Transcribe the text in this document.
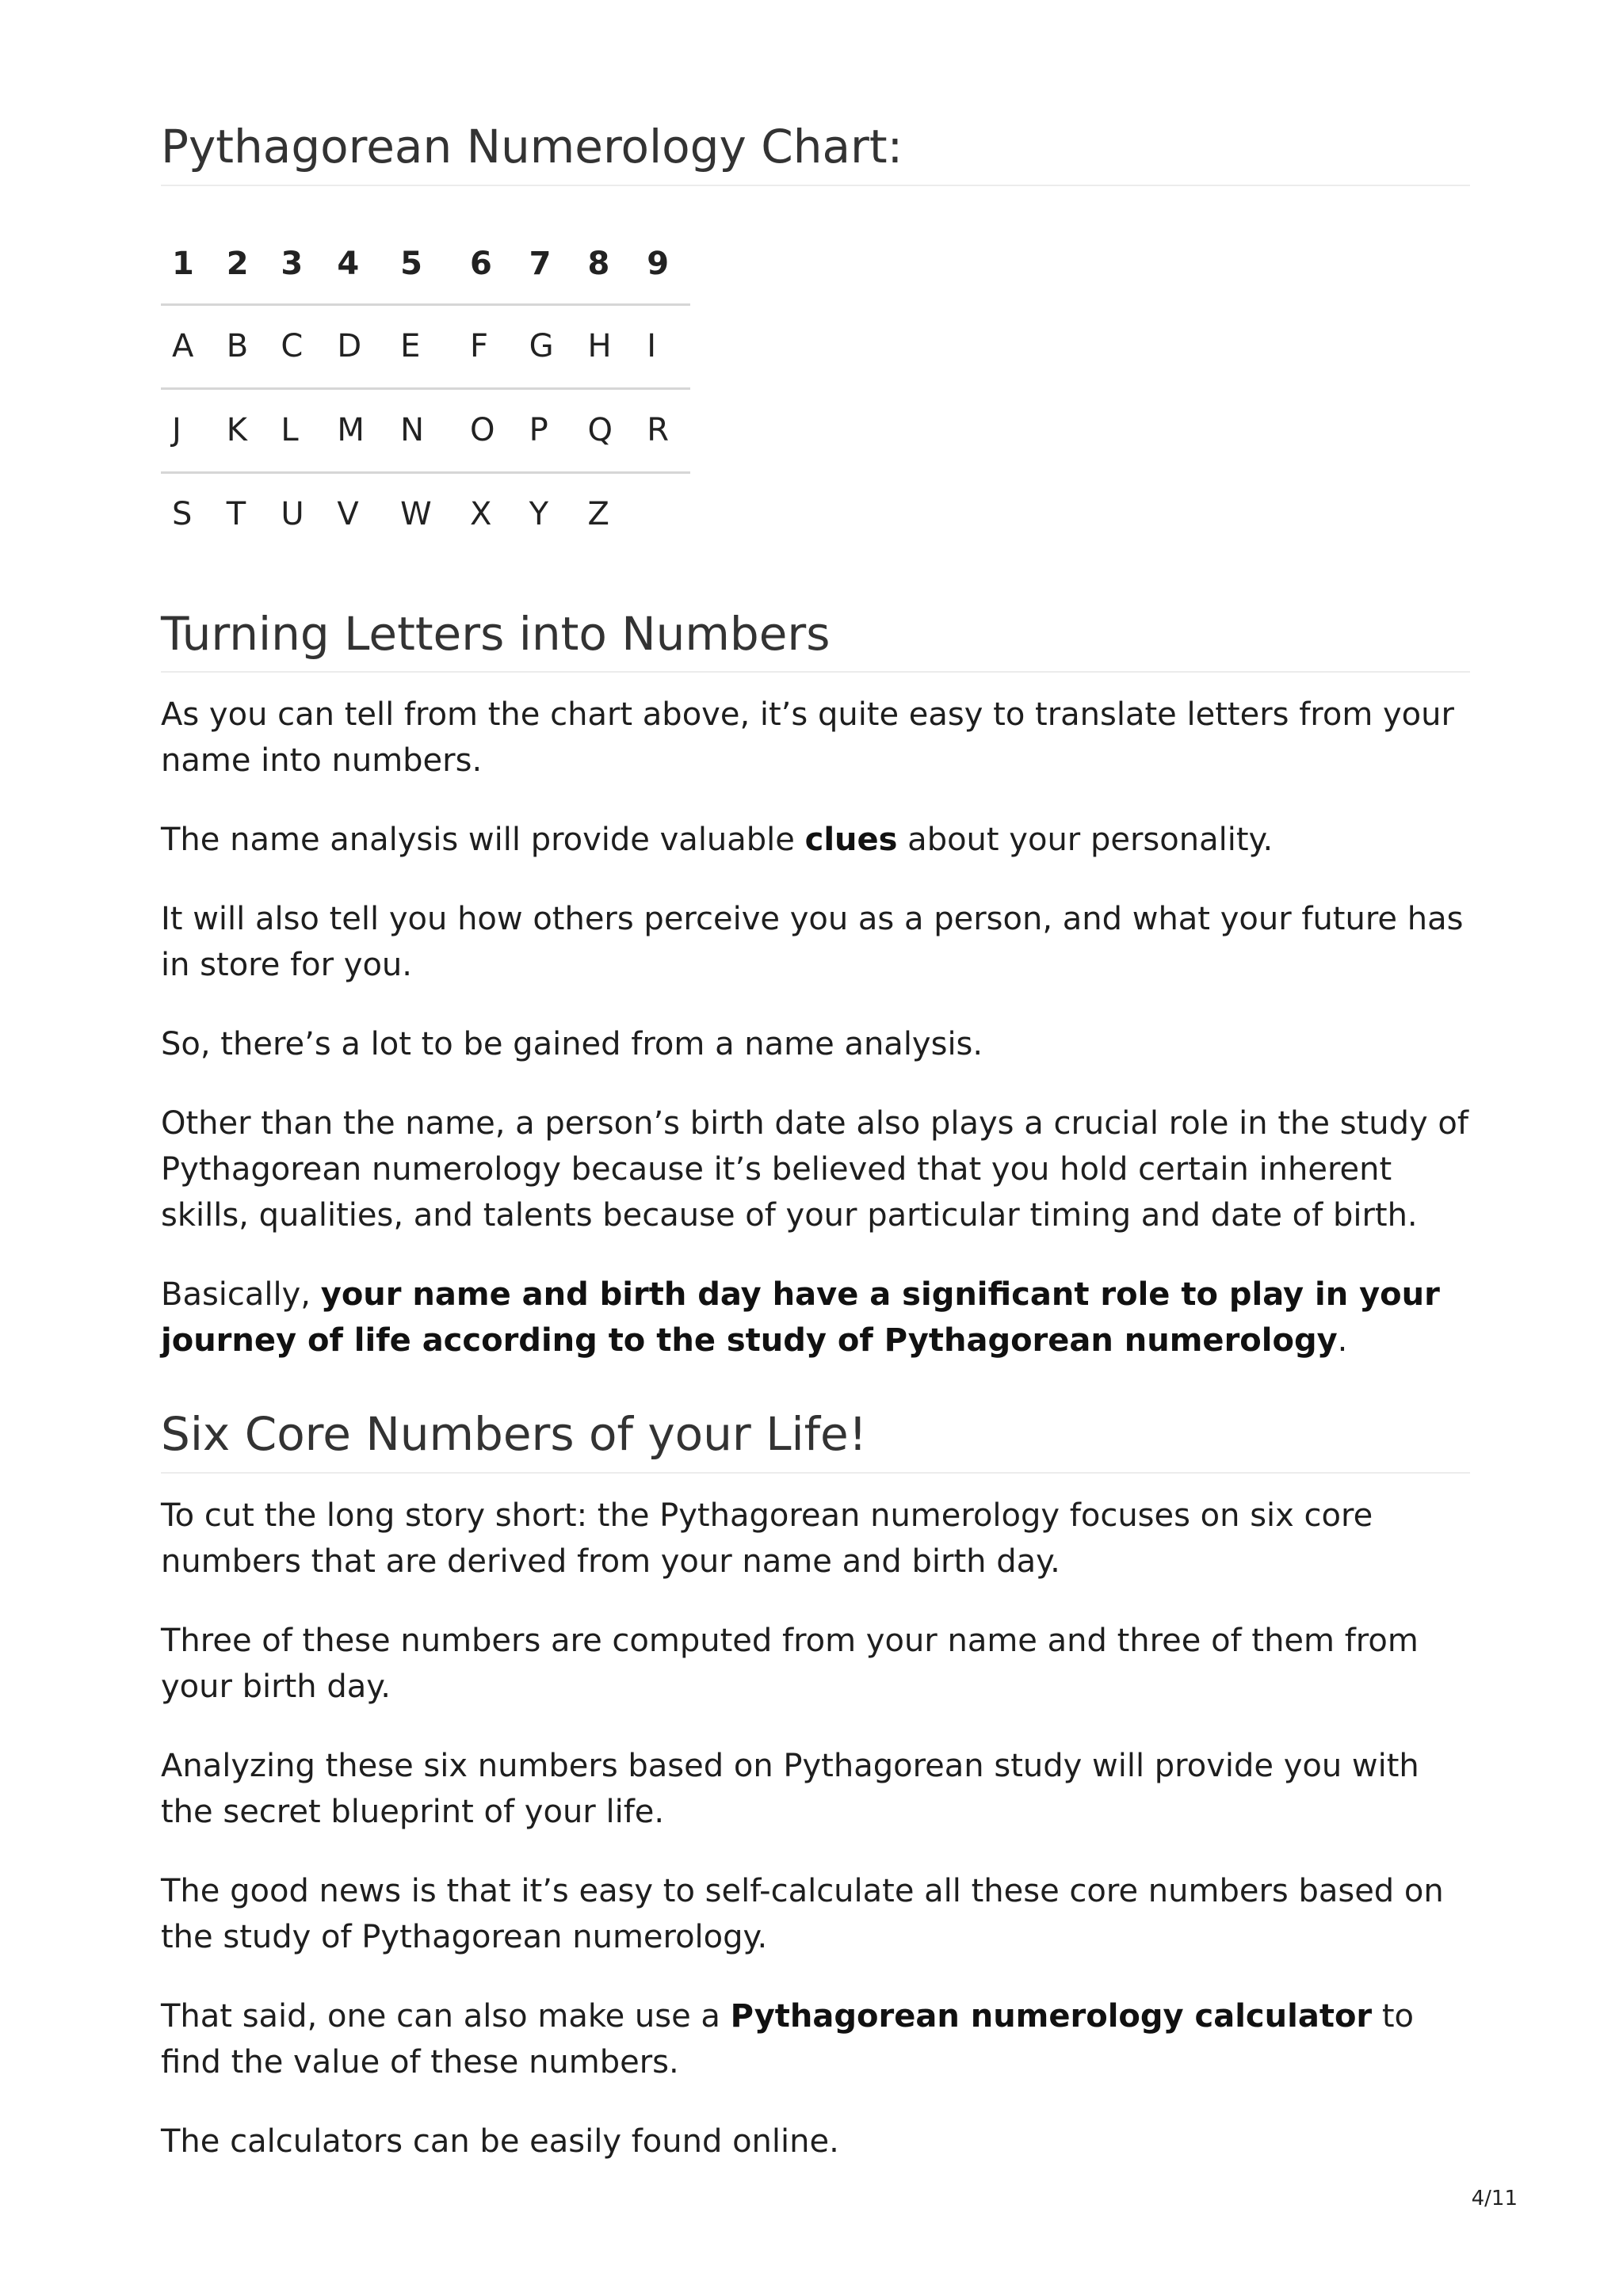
Pythagorean Numerology Chart:
1	2	3	4	5	6	7	8	9
A	B	C	D	E	F	G	H	I
J	K	L	M	N	O	P	Q	R
S	T	U	V	W	X	Y	Z	
Turning Letters into Numbers

As you can tell from the chart above, it’s quite easy to translate letters from your name into numbers.

The name analysis will provide valuable clues about your personality.

It will also tell you how others perceive you as a person, and what your future has in store for you.

So, there’s a lot to be gained from a name analysis.

Other than the name, a person’s birth date also plays a crucial role in the study of Pythagorean numerology because it’s believed that you hold certain inherent skills, qualities, and talents because of your particular timing and date of birth.

Basically, your name and birth day have a significant role to play in your journey of life according to the study of Pythagorean numerology.

Six Core Numbers of your Life!

To cut the long story short: the Pythagorean numerology focuses on six core numbers that are derived from your name and birth day.

Three of these numbers are computed from your name and three of them from your birth day.

Analyzing these six numbers based on Pythagorean study will provide you with the secret blueprint of your life.

The good news is that it’s easy to self-calculate all these core numbers based on the study of Pythagorean numerology.

That said, one can also make use a Pythagorean numerology calculator to find the value of these numbers.

The calculators can be easily found online.

4/11
